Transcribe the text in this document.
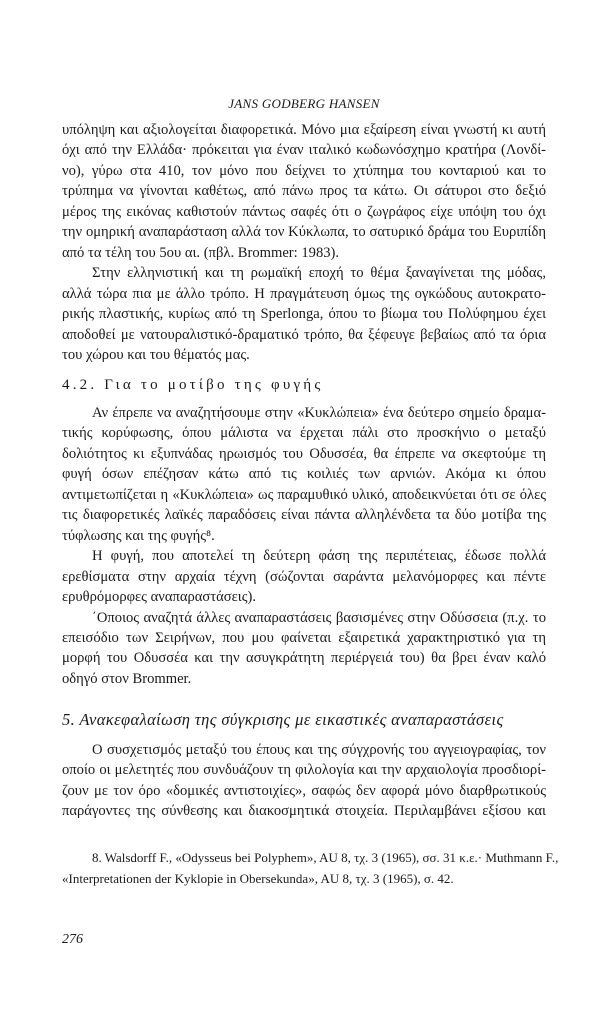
JANS GODBERG HANSEN
υπόληψη και αξιολογείται διαφορετικά. Μόνο μια εξαίρεση είναι γνωστή κι αυτή
όχι από την Ελλάδα· πρόκειται για έναν ιταλικό κωδωνόσχημο κρατήρα (Λονδί-
νο), γύρω στα 410, τον μόνο που δείχνει το χτύπημα του κονταριού και το
τρύπημα να γίνονται καθέτως, από πάνω προς τα κάτω. Οι σάτυροι στο δεξιό
μέρος της εικόνας καθιστούν πάντως σαφές ότι ο ζωγράφος είχε υπόψη του όχι
την ομηρική αναπαράσταση αλλά τον Κύκλωπα, το σατυρικό δράμα του Ευριπίδη
από τα τέλη του 5ου αι. (πβλ. Brommer: 1983).
Στην ελληνιστική και τη ρωμαϊκή εποχή το θέμα ξαναγίνεται της μόδας,
αλλά τώρα πια με άλλο τρόπο. Η πραγμάτευση όμως της ογκώδους αυτοκρατο-
ρικής πλαστικής, κυρίως από τη Sperlonga, όπου το βίωμα του Πολύφημου έχει
αποδοθεί με νατουραλιστικό-δραματικό τρόπο, θα ξέφευγε βεβαίως από τα όρια
του χώρου και του θέματός μας.
4.2. Για το μοτίβο της φυγής
Αν έπρεπε να αναζητήσουμε στην «Κυκλώπεια» ένα δεύτερο σημείο δραμα-
τικής κορύφωσης, όπου μάλιστα να έρχεται πάλι στο προσκήνιο ο μεταξύ
δολιότητος κι εξυπνάδας ηρωισμός του Οδυσσέα, θα έπρεπε να σκεφτούμε τη
φυγή όσων επέζησαν κάτω από τις κοιλιές των αρνιών. Ακόμα κι όπου
αντιμετωπίζεται η «Κυκλώπεια» ως παραμυθικό υλικό, αποδεικνύεται ότι σε όλες
τις διαφορετικές λαϊκές παραδόσεις είναι πάντα αλληλένδετα τα δύο μοτίβα της
τύφλωσης και της φυγής⁸.
Η φυγή, που αποτελεί τη δεύτερη φάση της περιπέτειας, έδωσε πολλά
ερεθίσματα στην αρχαία τέχνη (σώζονται σαράντα μελανόμορφες και πέντε
ερυθρόμορφες αναπαραστάσεις).
΄Οποιος αναζητά άλλες αναπαραστάσεις βασισμένες στην Οδύσσεια (π.χ. το
επεισόδιο των Σειρήνων, που μου φαίνεται εξαιρετικά χαρακτηριστικό για τη
μορφή του Οδυσσέα και την ασυγκράτητη περιέργειά του) θα βρει έναν καλό
οδηγό στον Brommer.
5. Ανακεφαλαίωση της σύγκρισης με εικαστικές αναπαραστάσεις
Ο συσχετισμός μεταξύ του έπους και της σύγχρονής του αγγειογραφίας, τον
οποίο οι μελετητές που συνδυάζουν τη φιλολογία και την αρχαιολογία προσδιορί-
ζουν με τον όρο «δομικές αντιστοιχίες», σαφώς δεν αφορά μόνο διαρθρωτικούς
παράγοντες της σύνθεσης και διακοσμητικά στοιχεία. Περιλαμβάνει εξίσου και
8. Walsdorff F., «Odysseus bei Polyphem», AU 8, τχ. 3 (1965), σσ. 31 κ.ε.· Muthmann F.,
«Interpretationen der Kyklopie in Obersekunda», AU 8, τχ. 3 (1965), σ. 42.
276
